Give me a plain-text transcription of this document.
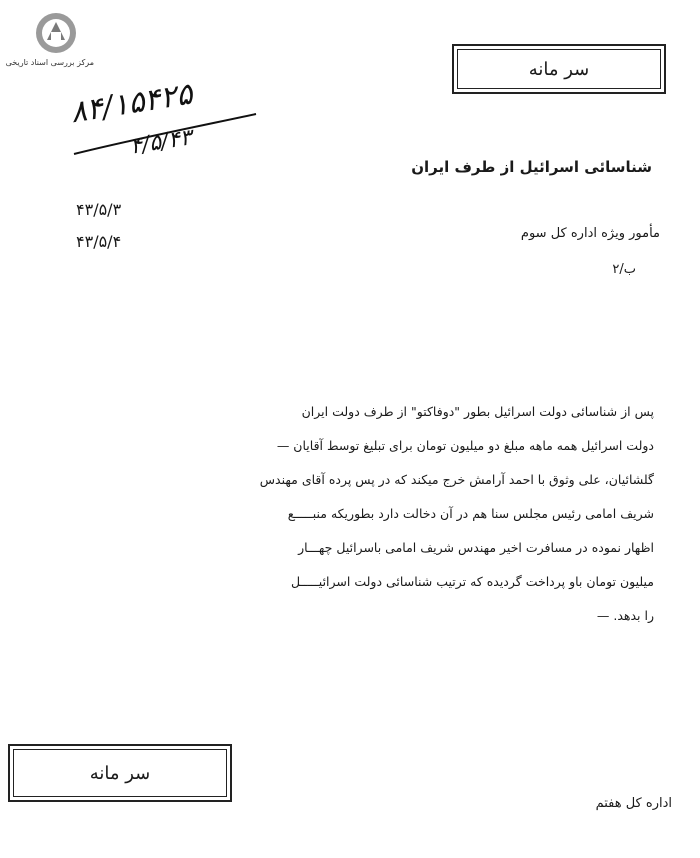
مرکز بررسی اسناد تاریخی	سر مانه
۸۴/۱۵۴۲۵
۴/۵/۴۳
شناسائی اسرائیل از طرف ایران
۴۳/۵/۳
۴۳/۵/۴	مأمور ویژه اداره کل سوم
ب/۲
پس از شناسائی دولت اسرائیل بطور "دوفاکتو" از طرف دولت ایران
دولت اسرائیل همه ماهه مبلغ دو میلیون تومان برای تبلیغ توسط آقایان —
گلشائیان، علی وثوق با احمد آرامش خرج میکند که در پس پرده آقای مهندس
شریف امامی رئیس مجلس سنا هم در آن دخالت دارد بطوریکه منبـــــع
اظهار نموده در مسافرت اخیر مهندس شریف امامی باسرائیل چهـــار
میلیون تومان باو پرداخت گردیده که ترتیب شناسائی دولت اسرائیـــــل
را بدهد. —
سر مانه
اداره کل هفتم
